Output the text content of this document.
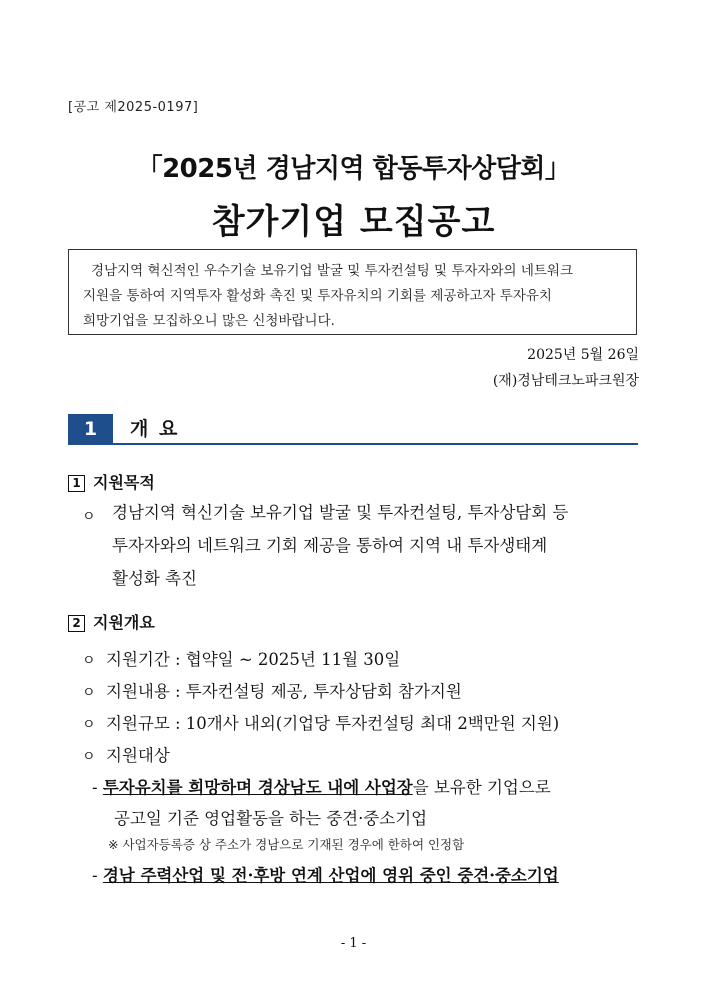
[공고 제2025-0197]
「2025년 경남지역 합동투자상담회」
참가기업 모집공고
경남지역 혁신적인 우수기술 보유기업 발굴 및 투자컨설팅 및 투자자와의 네트워크
지원을 통하여 지역투자 활성화 촉진 및 투자유치의 기회를 제공하고자 투자유치
희망기업을 모집하오니 많은 신청바랍니다.
2025년 5월 26일
(재)경남테크노파크원장
1	개 요
1 지원목적
ㅇ 경남지역 혁신기술 보유기업 발굴 및 투자컨설팅, 투자상담회 등
투자자와의 네트워크 기회 제공을 통하여 지역 내 투자생태계
활성화 촉진
2 지원개요
ㅇ 지원기간 : 협약일 ~ 2025년 11월 30일
ㅇ 지원내용 : 투자컨설팅 제공, 투자상담회 참가지원
ㅇ 지원규모 : 10개사 내외(기업당 투자컨설팅 최대 2백만원 지원)
ㅇ 지원대상
- 투자유치를 희망하며 경상남도 내에 사업장을 보유한 기업으로
공고일 기준 영업활동을 하는 중견·중소기업
※ 사업자등록증 상 주소가 경남으로 기재된 경우에 한하여 인정함
- 경남 주력산업 및 전·후방 연계 산업에 영위 중인 중견·중소기업
- 1 -
